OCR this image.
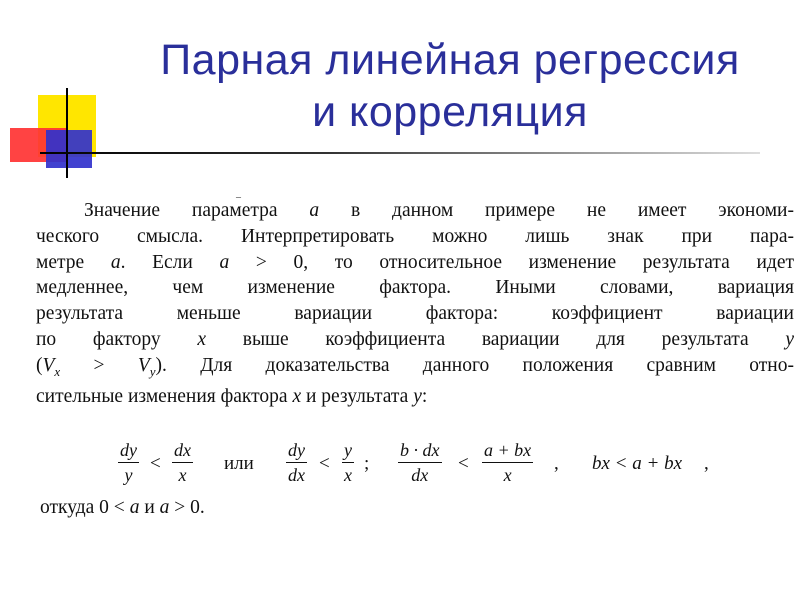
Парная линейная регрессия
и корреляция
–
Значение параметра a в данном примере не имеет экономи-
ческого смысла. Интерпретировать можно лишь знак при пара-
метре a. Если a > 0, то относительное изменение результата идет
медленнее, чем изменение фактора. Иными словами, вариация
результата меньше вариации фактора: коэффициент вариации
по фактору x выше коэффициента вариации для результата y
$(V_x > V_y)$. Для доказательства данного положения сравним отно-
сительные изменения фактора x и результата y:
dy
y
<
dx
x
или
dy
dx
<
y
x
;
b · dx
dx
<
a + bx
x
, bx < a + bx ,
откуда 0 < a и a > 0.
